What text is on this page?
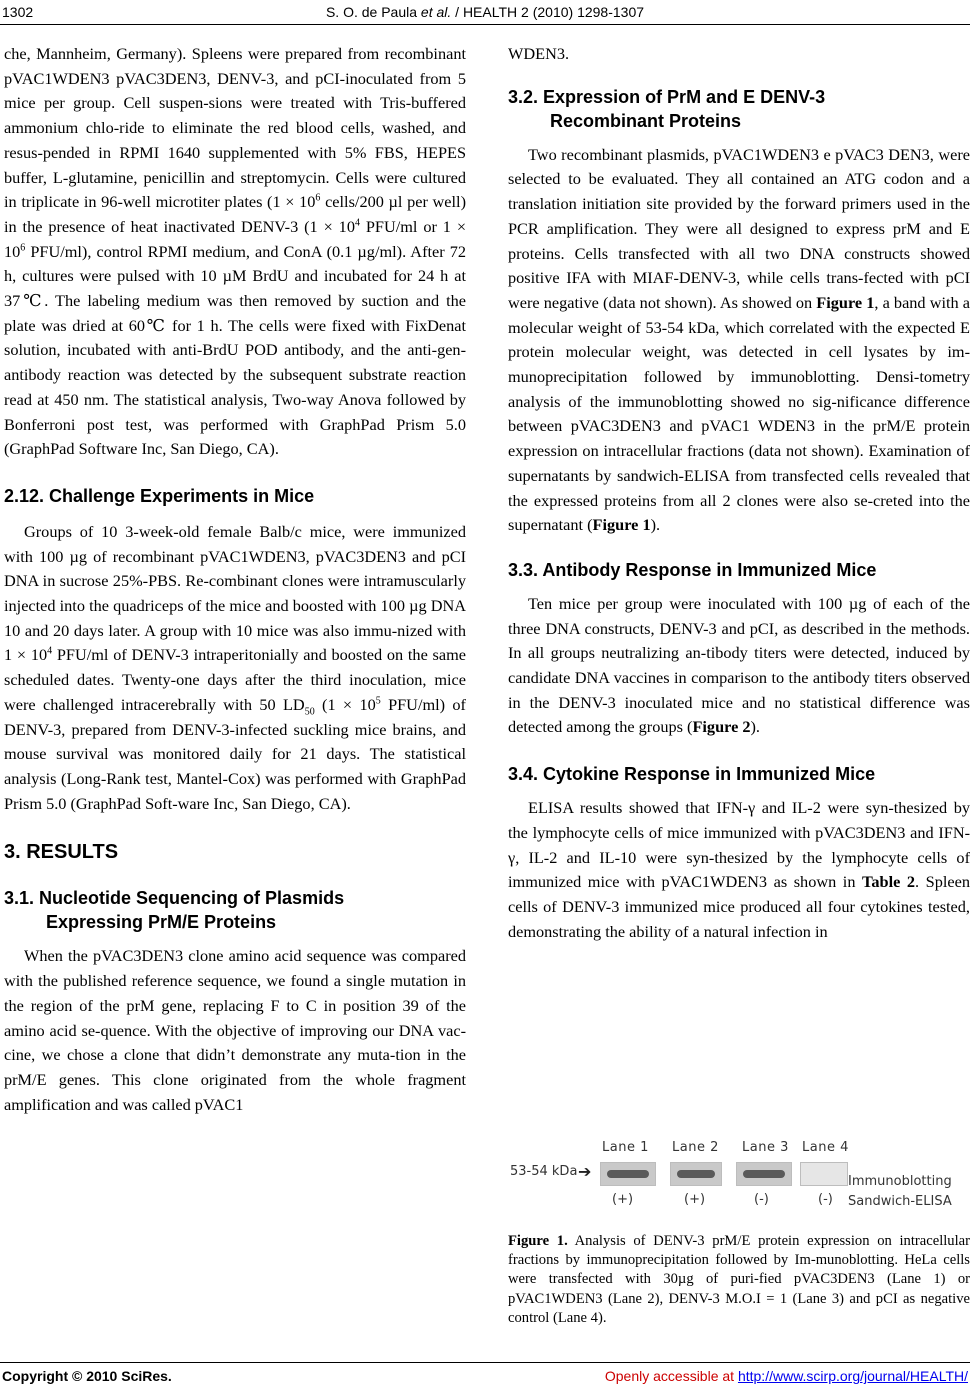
1302	S. O. de Paula et al. / HEALTH 2 (2010) 1298-1307

che, Mannheim, Germany). Spleens were prepared from recombinant pVAC1WDEN3 pVAC3DEN3, DENV-3, and pCI-inoculated from 5 mice per group. Cell suspen-sions were treated with Tris-buffered ammonium chlo-ride to eliminate the red blood cells, washed, and resus-pended in RPMI 1640 supplemented with 5% FBS, HEPES buffer, L-glutamine, penicillin and streptomycin. Cells were cultured in triplicate in 96-well microtiter plates ($1 \times 10^6$ cells/200 µl per well) in the presence of heat inactivated DENV-3 ($1 \times 10^4$ PFU/ml or $1 \times 10^6$ PFU/ml), control RPMI medium, and ConA (0.1 µg/ml). After 72 h, cultures were pulsed with 10 µM BrdU and incubated for 24 h at 37℃. The labeling medium was then removed by suction and the plate was dried at 60℃ for 1 h. The cells were fixed with FixDenat solution, incubated with anti-BrdU POD antibody, and the anti-gen-antibody reaction was detected by the subsequent substrate reaction read at 450 nm. The statistical analysis, Two-way Anova followed by Bonferroni post test, was performed with GraphPad Prism 5.0 (GraphPad Software Inc, San Diego, CA).

2.12. Challenge Experiments in Mice

Groups of 10 3-week-old female Balb/c mice, were immunized with 100 µg of recombinant pVAC1WDEN3, pVAC3DEN3 and pCI DNA in sucrose 25%-PBS. Re-combinant clones were intramuscularly injected into the quadriceps of the mice and boosted with 100 µg DNA 10 and 20 days later. A group with 10 mice was also immu-nized with $1 \times 10^4$ PFU/ml of DENV-3 intraperitonially and boosted on the same scheduled dates. Twenty-one days after the third inoculation, mice were challenged intracerebrally with 50 $LD_{50}$ ($1 \times 10^5$ PFU/ml) of DENV-3, prepared from DENV-3-infected suckling mice brains, and mouse survival was monitored daily for 21 days. The statistical analysis (Long-Rank test, Mantel-Cox) was performed with GraphPad Prism 5.0 (GraphPad Soft-ware Inc, San Diego, CA).

3. RESULTS
3.1. Nucleotide Sequencing of Plasmids
Expressing PrM/E Proteins

When the pVAC3DEN3 clone amino acid sequence was compared with the published reference sequence, we found a single mutation in the region of the prM gene, replacing F to C in position 39 of the amino acid se-quence. With the objective of improving our DNA vac-cine, we chose a clone that didn’t demonstrate any muta-tion in the prM/E genes. This clone originated from the whole fragment amplification and was called pVAC1

WDEN3.

3.2. Expression of PrM and E DENV-3
Recombinant Proteins

Two recombinant plasmids, pVAC1WDEN3 e pVAC3 DEN3, were selected to be evaluated. They all contained an ATG codon and a translation initiation site provided by the forward primers used in the PCR amplification. They were all designed to express prM and E proteins. Cells transfected with all two DNA constructs showed positive IFA with MIAF-DENV-3, while cells trans-fected with pCI were negative (data not shown). As showed on Figure 1, a band with a molecular weight of 53-54 kDa, which correlated with the expected E protein molecular weight, was detected in cell lysates by im-munoprecipitation followed by immunoblotting. Densi-tometry analysis of the immunoblotting showed no sig-nificance difference between pVAC3DEN3 and pVAC1 WDEN3 in the prM/E protein expression on intracellular fractions (data not shown). Examination of supernatants by sandwich-ELISA from transfected cells revealed that the expressed proteins from all 2 clones were also se-creted into the supernatant (Figure 1).

3.3. Antibody Response in Immunized Mice

Ten mice per group were inoculated with 100 µg of each of the three DNA constructs, DENV-3 and pCI, as described in the methods. In all groups neutralizing an-tibody titers were detected, induced by candidate DNA vaccines in comparison to the antibody titers observed in the DENV-3 inoculated mice and no statistical difference was detected among the groups (Figure 2).

3.4. Cytokine Response in Immunized Mice

ELISA results showed that IFN-γ and IL-2 were syn-thesized by the lymphocyte cells of mice immunized with pVAC3DEN3 and IFN-γ, IL-2 and IL-10 were syn-thesized by the lymphocyte cells of immunized mice with pVAC1WDEN3 as shown in Table 2. Spleen cells of DENV-3 immunized mice produced all four cytokines tested, demonstrating the ability of a natural infection in

Lane 1 Lane 2 Lane 3 Lane 4
53-54 kDa ➔
Immunoblotting
Sandwich-ELISA
(+)	(+)	(-)	(-)
Figure 1. Analysis of DENV-3 prM/E protein expression on intracellular fractions by immunoprecipitation followed by Im-munoblotting. HeLa cells were transfected with 30µg of puri-fied pVAC3DEN3 (Lane 1) or pVAC1WDEN3 (Lane 2), DENV-3 M.O.I = 1 (Lane 3) and pCI as negative control (Lane 4).
Copyright © 2010 SciRes.	Openly accessible at http://www.scirp.org/journal/HEALTH/
